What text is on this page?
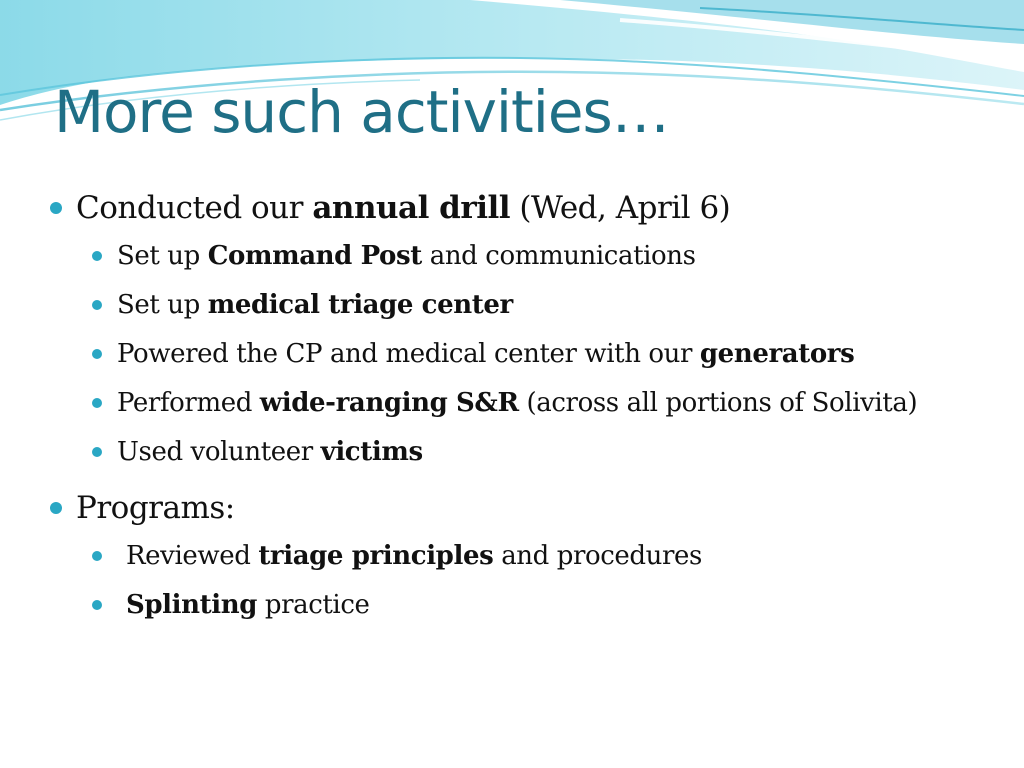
More such activities…

Conducted our annual drill (Wed, April 6)

Set up Command Post and communications

Set up medical triage center

Powered the CP and medical center with our generators

Performed wide-ranging S&R (across all portions of Solivita)

Used volunteer victims

Programs:

Reviewed triage principles and procedures

Splinting practice
